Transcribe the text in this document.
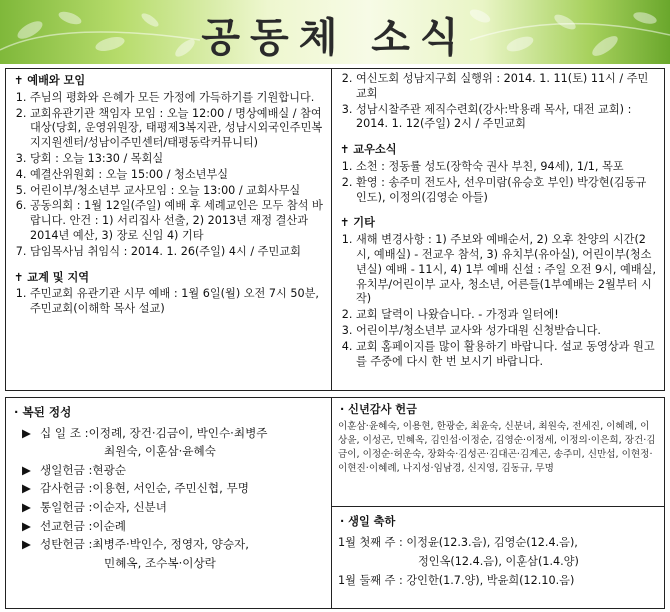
공동체 소식
✝ 예배와 모임
1. 주님의 평화와 은혜가 모든 가정에 가득하기를 기원합니다.
2. 교회유관기관 책임자 모임 : 오늘 12:00 / 명상예배실 / 참여대상(당회, 운영위원장, 태평제3복지관, 성남시외국인주민복지지원센터/성남이주민센터/태평동락커뮤니티)
3. 당회 : 오늘 13:30 / 목회실
4. 예결산위원회 : 오늘 15:00 / 청소년부실
5. 어린이부/청소년부 교사모임 : 오늘 13:00 / 교회사무실
6. 공동의회 : 1월 12일(주일) 예배 후 세례교인은 모두 참석 바랍니다. 안건 : 1) 서리집사 선출, 2) 2013년 재정 결산과 2014년 예산, 3) 장로 신임 4) 기타
7. 담임목사님 취임식 : 2014. 1. 26(주일) 4시 / 주민교회
✝ 교계 및 지역
1. 주민교회 유관기관 시무 예배 : 1월 6일(월) 오전 7시 50분, 주민교회(이해학 목사 설교)
2. 여신도회 성남지구회 실행위 : 2014. 1. 11(토) 11시 / 주민교회
3. 성남시찰주관 제직수련회(강사:박용래 목사, 대전 교회) : 2014. 1. 12(주일) 2시 / 주민교회
✝ 교우소식
1. 소천 : 정동률 성도(장학숙 권사 부친, 94세), 1/1, 목포
2. 환영 : 송주미 전도사, 선우미람(유승호 부인) 박강현(김동규 인도), 이정의(김영순 아들)
✝ 기타
1. 새해 변경사항 : 1) 주보와 예배순서, 2) 오후 찬양의 시간(2시, 예배실) - 전교우 참석, 3) 유치부(유아실), 어린이부(청소년실) 예배 - 11시, 4) 1부 예배 신설 : 주일 오전 9시, 예배실, 유치부/어린이부 교사, 청소년, 어른들(1부예배는 2월부터 시작)
2. 교회 달력이 나왔습니다. - 가정과 일터에!
3. 어린이부/청소년부 교사와 성가대원 신청받습니다.
4. 교회 홈페이지를 많이 활용하기 바랍니다. 설교 동영상과 원고를 주중에 다시 한 번 보시기 바랍니다.
· 복된 정성
▶ 십 일 조 : 이정례, 장건·김금이, 박인수·최병주
최원숙, 이훈삼·윤혜숙
▶ 생일헌금 : 현광순
▶ 감사헌금 : 이용현, 서인순, 주민신협, 무명
▶ 통일헌금 : 이순자, 신분녀
▶ 선교헌금 : 이순례
▶ 성탄헌금 : 최병주·박인수, 정영자, 양승자,
민혜옥, 조수복·이상락
· 신년감사 헌금
이훈삼·윤혜숙, 이용현, 한광순, 최윤숙, 신분녀, 최원숙, 전세진, 이혜례, 이상윤, 이성곤, 민혜옥, 김인섭·이정순, 김영순·이정세, 이정의·이은희, 장건·김금이, 이정순·허운숙, 장화숙·김성곤·김대곤·김계곤, 송주미, 신만섭, 이현정·이현진·이혜례, 나지성·임남경, 신지영, 김동규, 무명
· 생일 축하
1월 첫째 주 : 이정윤(12.3.음), 김영순(12.4.음),
정인옥(12.4.음), 이훈삼(1.4.양)
1월 둘째 주 : 강인한(1.7.양), 박윤희(12.10.음)
